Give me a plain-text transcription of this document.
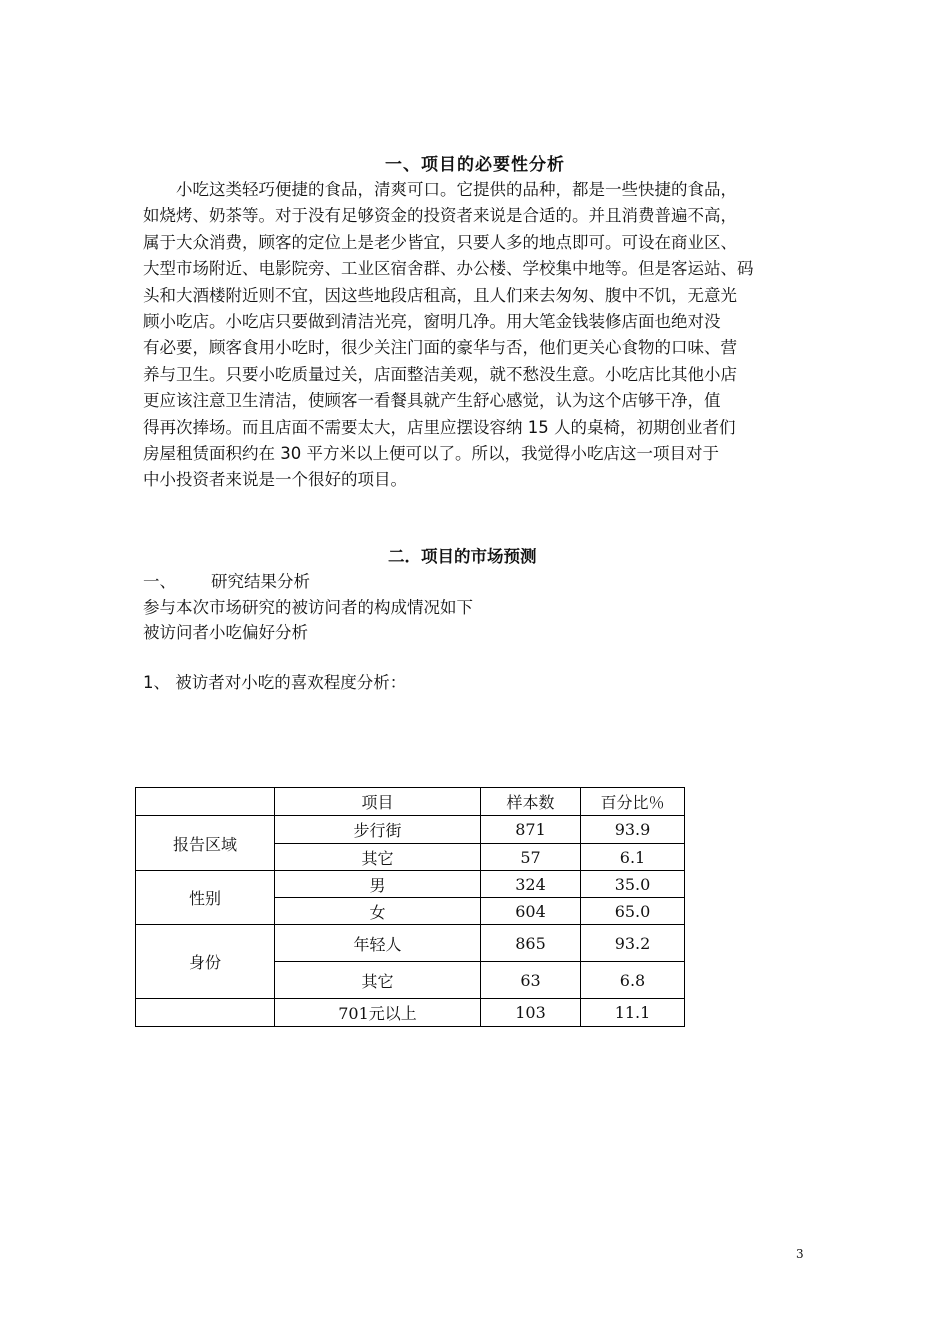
一、项目的必要性分析
小吃这类轻巧便捷的食品，清爽可口。它提供的品种，都是一些快捷的食品，
如烧烤、奶茶等。对于没有足够资金的投资者来说是合适的。并且消费普遍不高，
属于大众消费，顾客的定位上是老少皆宜，只要人多的地点即可。可设在商业区、
大型市场附近、电影院旁、工业区宿舍群、办公楼、学校集中地等。但是客运站、码
头和大酒楼附近则不宜，因这些地段店租高，且人们来去匆匆、腹中不饥，无意光
顾小吃店。小吃店只要做到清洁光亮，窗明几净。用大笔金钱装修店面也绝对没
有必要，顾客食用小吃时，很少关注门面的豪华与否，他们更关心食物的口味、营
养与卫生。只要小吃质量过关，店面整洁美观，就不愁没生意。小吃店比其他小店
更应该注意卫生清洁，使顾客一看餐具就产生舒心感觉，认为这个店够干净，值
得再次捧场。而且店面不需要太大，店里应摆设容纳 15 人的桌椅，初期创业者们
房屋租赁面积约在 30 平方米以上便可以了。所以，我觉得小吃店这一项目对于
中小投资者来说是一个很好的项目。
二．项目的市场预测
一、 研究结果分析
参与本次市场研究的被访问者的构成情况如下
被访问者小吃偏好分析
1、 被访者对小吃的喜欢程度分析：
	项目	样本数	百分比％
报告区域	步行街	871	93.9
	其它	57	6.1
性别	男	324	35.0
	女	604	65.0
身份	年轻人	865	93.2
	其它	63	6.8
	701元以上	103	11.1
3
